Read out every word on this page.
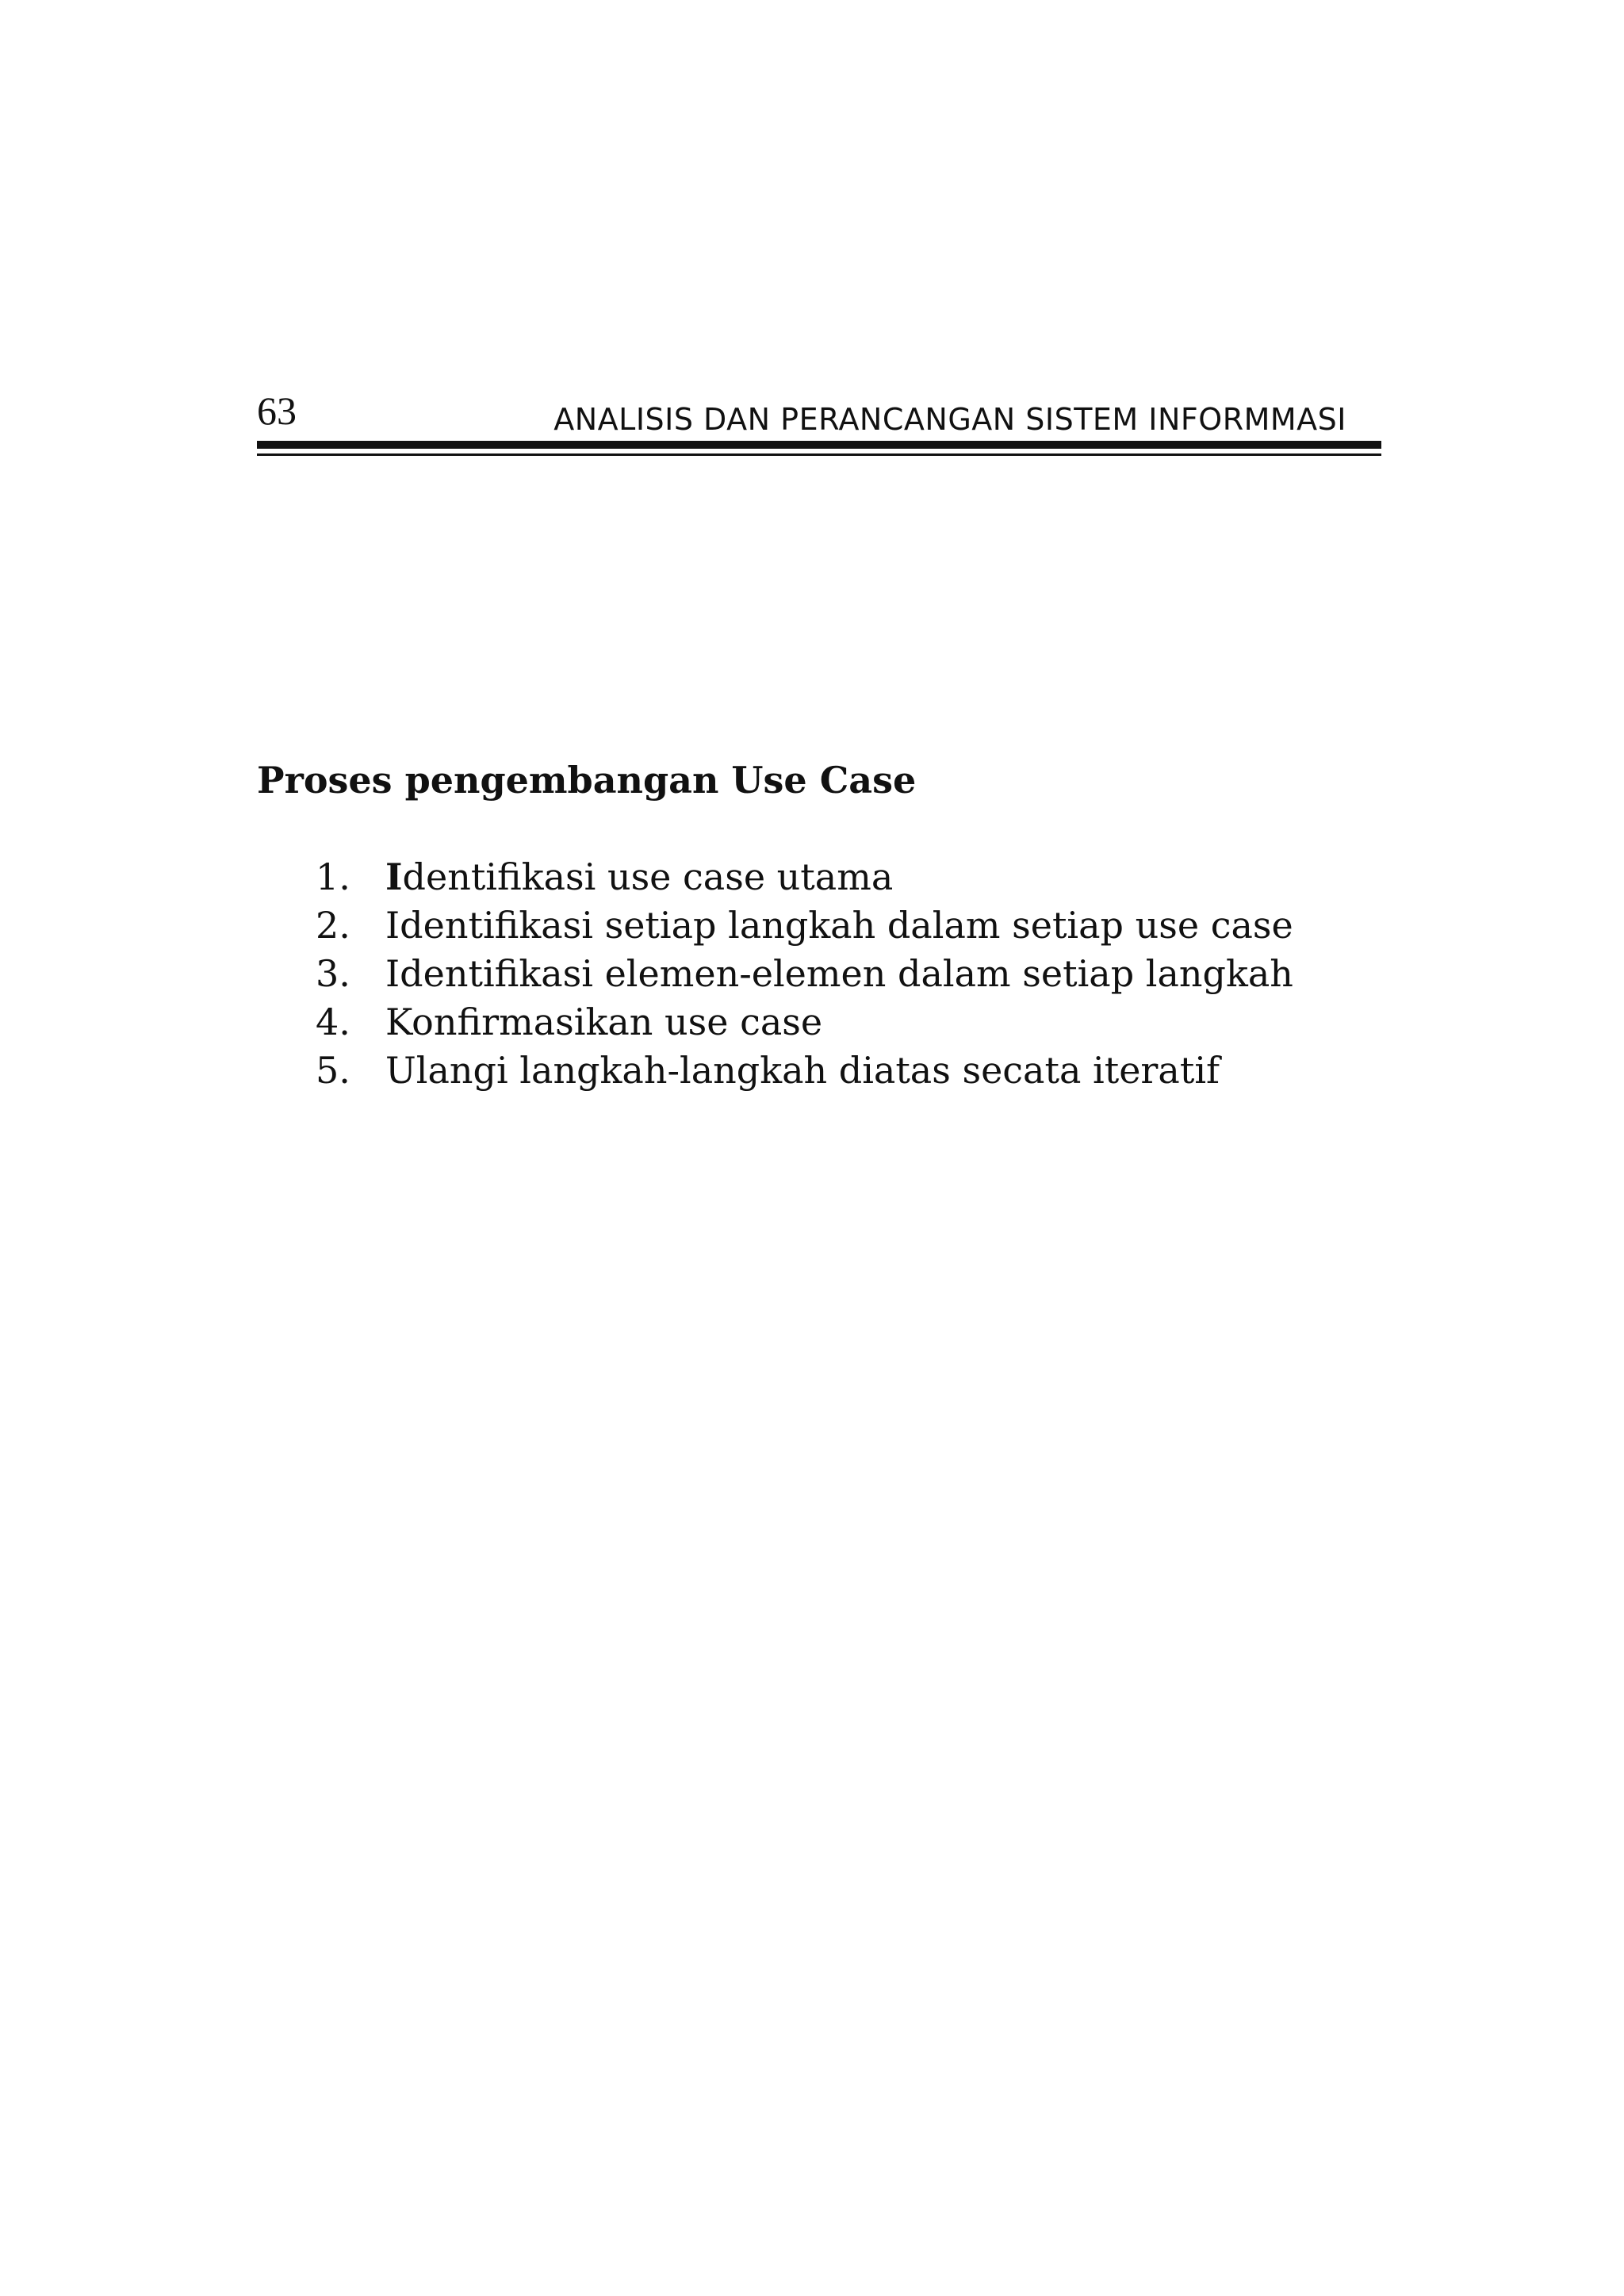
63	ANALISIS DAN PERANCANGAN SISTEM INFORMMASI

Proses pengembangan Use Case
1. Identifikasi use case utama
2. Identifikasi setiap langkah dalam setiap use case
3. Identifikasi elemen-elemen dalam setiap langkah
4. Konfirmasikan use case
5. Ulangi langkah-langkah diatas secata iteratif
